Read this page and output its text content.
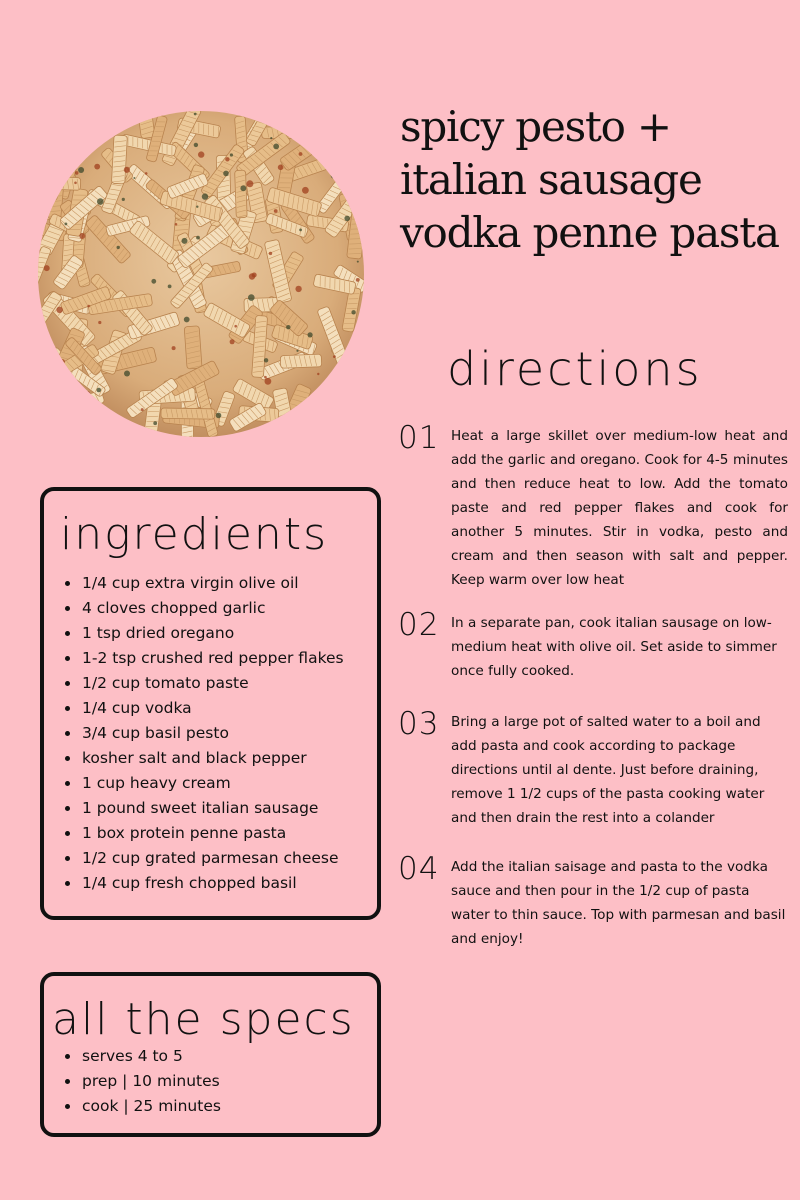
spicy pesto +
italian sausage
vodka penne pasta
ingredients
1/4 cup extra virgin olive oil
4 cloves chopped garlic
1 tsp dried oregano
1-2 tsp crushed red pepper flakes
1/2 cup tomato paste
1/4 cup vodka
3/4 cup basil pesto
kosher salt and black pepper
1 cup heavy cream
1 pound sweet italian sausage
1 box protein penne pasta
1/2 cup grated parmesan cheese
1/4 cup fresh chopped basil
all the specs
serves 4 to 5
prep | 10 minutes
cook | 25 minutes
directions
01 Heat a large skillet over medium-low heat and add the garlic and oregano. Cook for 4-5 minutes and then reduce heat to low. Add the tomato paste and red pepper flakes and cook for another 5 minutes. Stir in vodka, pesto and cream and then season with salt and pepper. Keep warm over low heat

02 In a separate pan, cook italian sausage on low-medium heat with olive oil. Set aside to simmer once fully cooked.

03 Bring a large pot of salted water to a boil and add pasta and cook according to package directions until al dente. Just before draining, remove 1 1/2 cups of the pasta cooking water and then drain the rest into a colander

04 Add the italian saisage and pasta to the vodka sauce and then pour in the 1/2 cup of pasta water to thin sauce. Top with parmesan and basil and enjoy!
